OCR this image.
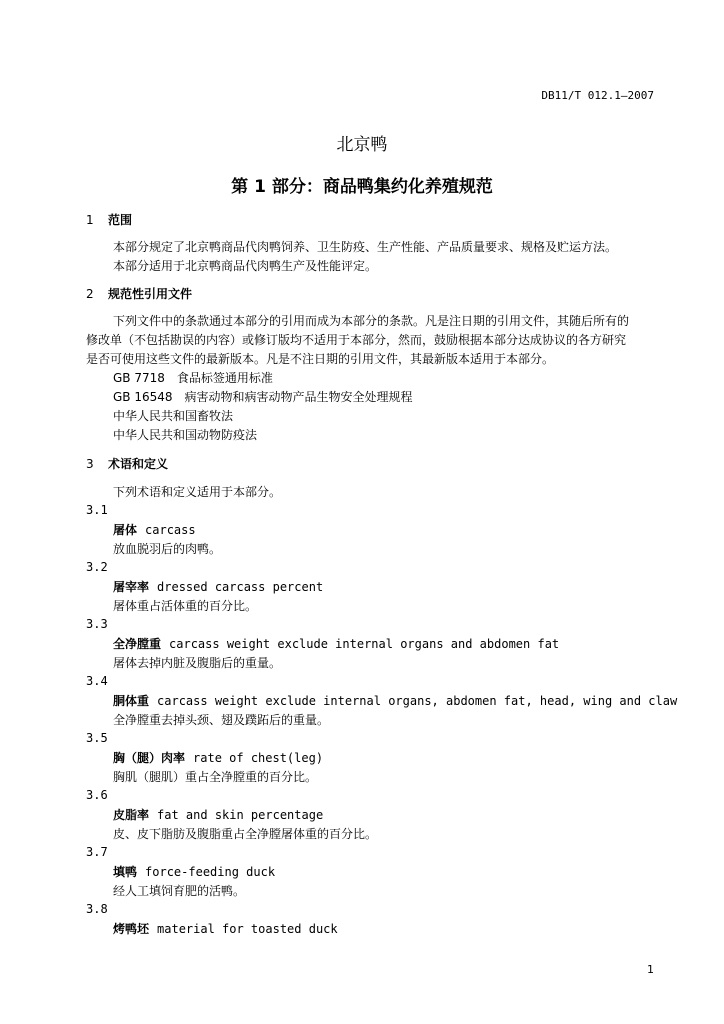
DB11/T 012.1—2007
北京鸭
第 1 部分：商品鸭集约化养殖规范
1 范围
本部分规定了北京鸭商品代肉鸭饲养、卫生防疫、生产性能、产品质量要求、规格及贮运方法。
本部分适用于北京鸭商品代肉鸭生产及性能评定。
2 规范性引用文件
下列文件中的条款通过本部分的引用而成为本部分的条款。凡是注日期的引用文件，其随后所有的
修改单（不包括勘误的内容）或修订版均不适用于本部分，然而，鼓励根据本部分达成协议的各方研究
是否可使用这些文件的最新版本。凡是不注日期的引用文件，其最新版本适用于本部分。
GB 7718　食品标签通用标准
GB 16548　病害动物和病害动物产品生物安全处理规程
中华人民共和国畜牧法
中华人民共和国动物防疫法
3 术语和定义
下列术语和定义适用于本部分。
3.1
屠体 carcass
放血脱羽后的肉鸭。
3.2
屠宰率 dressed carcass percent
屠体重占活体重的百分比。
3.3
全净膛重 carcass weight exclude internal organs and abdomen fat
屠体去掉内脏及腹脂后的重量。
3.4
胴体重 carcass weight exclude internal organs, abdomen fat, head, wing and claw
全净膛重去掉头颈、翅及蹼跖后的重量。
3.5
胸（腿）肉率 rate of chest(leg)
胸肌（腿肌）重占全净膛重的百分比。
3.6
皮脂率 fat and skin percentage
皮、皮下脂肪及腹脂重占全净膛屠体重的百分比。
3.7
填鸭 force-feeding duck
经人工填饲育肥的活鸭。
3.8
烤鸭坯 material for toasted duck
1
